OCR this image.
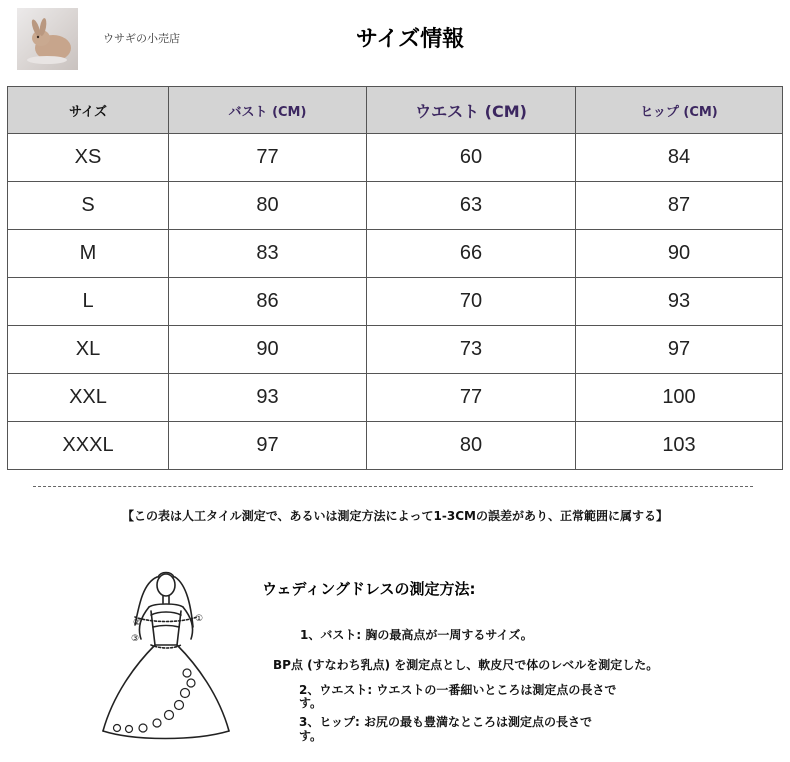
ウサギの小売店	サイズ情報
サイズ	バスト (CM)	ウエスト (CM)	ヒップ (CM)
XS	77	60	84
S	80	63	87
M	83	66	90
L	86	70	93
XL	90	73	97
XXL	93	77	100
XXXL	97	80	103
【この表は人工タイル測定で、あるいは測定方法によって1-3CMの誤差があり、正常範囲に属する】
③
②	①
ウェディングドレスの測定方法:
1、バスト: 胸の最高点が一周するサイズ。
BP点 (すなわち乳点) を測定点とし、軟皮尺で体のレベルを測定した。
2、ウエスト: ウエストの一番細いところは測定点の長さで
す。
3、ヒップ: お尻の最も豊満なところは測定点の長さで
す。
